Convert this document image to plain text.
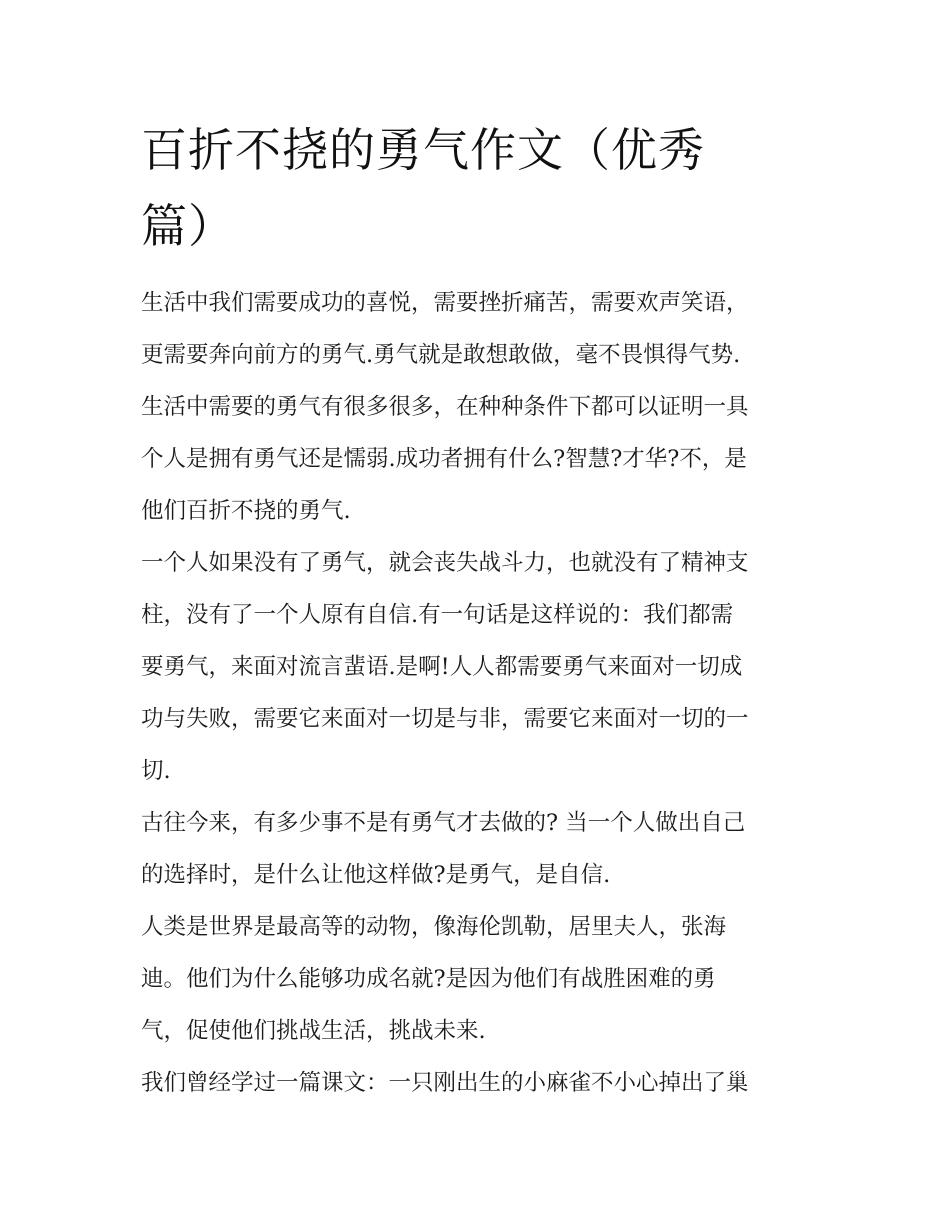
百折不挠的勇气作文（优秀
篇）
生活中我们需要成功的喜悦，需要挫折痛苦，需要欢声笑语，
更需要奔向前方的勇气.勇气就是敢想敢做，毫不畏惧得气势.
生活中需要的勇气有很多很多，在种种条件下都可以证明一具
个人是拥有勇气还是懦弱.成功者拥有什么?智慧?才华?不，是
他们百折不挠的勇气.
一个人如果没有了勇气，就会丧失战斗力，也就没有了精神支
柱，没有了一个人原有自信.有一句话是这样说的：我们都需
要勇气，来面对流言蜚语.是啊!人人都需要勇气来面对一切成
功与失败，需要它来面对一切是与非，需要它来面对一切的一
切.
古往今来，有多少事不是有勇气才去做的? 当一个人做出自己
的选择时，是什么让他这样做?是勇气，是自信.
人类是世界是最高等的动物，像海伦凯勒，居里夫人，张海
迪。他们为什么能够功成名就?是因为他们有战胜困难的勇
气，促使他们挑战生活，挑战未来.
我们曾经学过一篇课文：一只刚出生的小麻雀不小心掉出了巢
